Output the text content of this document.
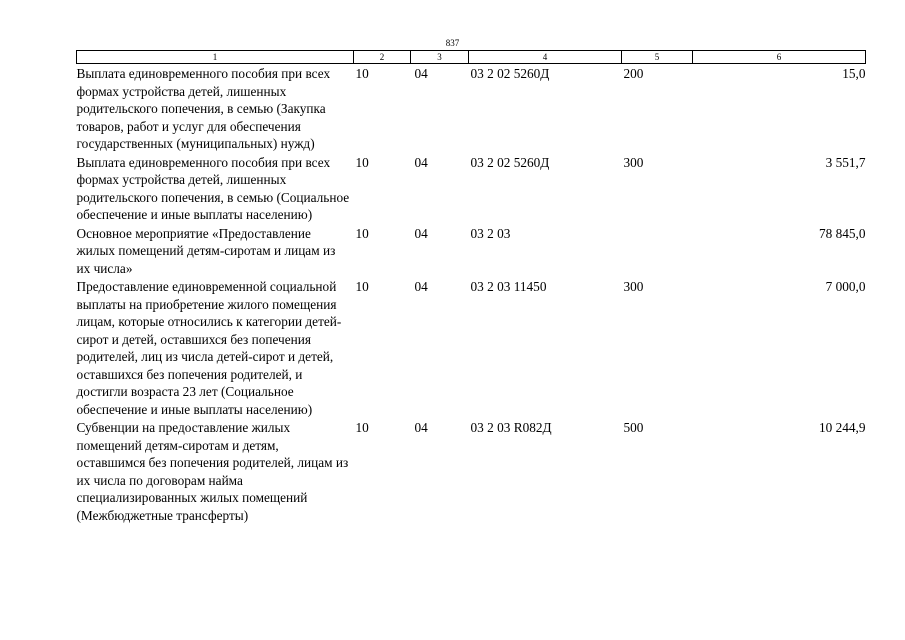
837
1	2	3	4	5	6
Выплата единовременного пособия при всех формах устройства детей, лишенных родительского попечения, в семью (Закупка товаров, работ и услуг для обеспечения государственных (муниципальных) нужд)	10	04	03 2 02 5260Д	200	15,0
Выплата единовременного пособия при всех формах устройства детей, лишенных родительского попечения, в семью (Социальное обеспечение и иные выплаты населению)	10	04	03 2 02 5260Д	300	3 551,7
Основное мероприятие «Предоставление жилых помещений детям-сиротам и лицам из их числа»	10	04	03 2 03		78 845,0
Предоставление единовременной социальной выплаты на приобретение жилого помещения лицам, которые относились к категории детей-сирот и детей, оставшихся без попечения родителей, лиц из числа детей-сирот и детей, оставшихся без попечения родителей, и достигли возраста 23 лет (Социальное обеспечение и иные выплаты населению)	10	04	03 2 03 11450	300	7 000,0
Субвенции на предоставление жилых помещений детям-сиротам и детям, оставшимся без попечения родителей, лицам из их числа по договорам найма специализированных жилых помещений (Межбюджетные трансферты)	10	04	03 2 03 R082Д	500	10 244,9
